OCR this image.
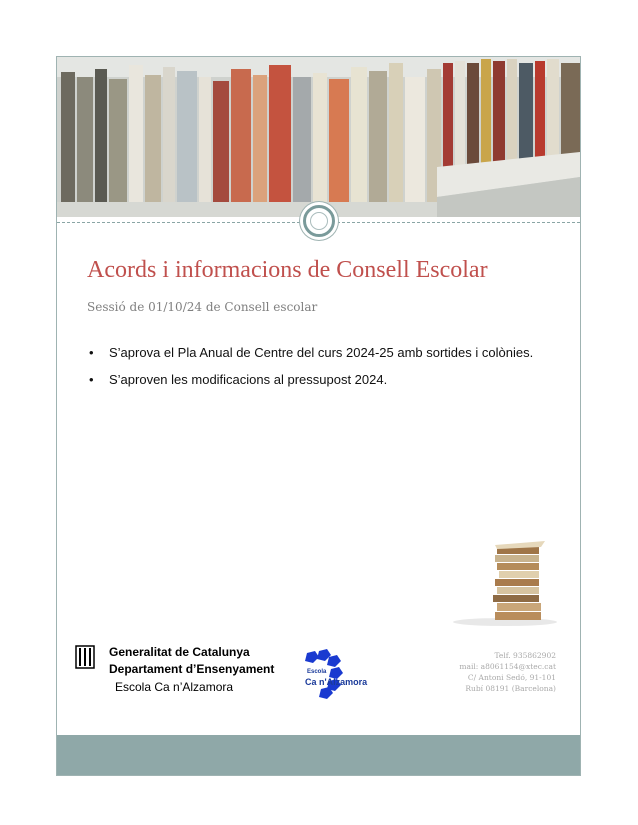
Acords i informacions de Consell Escolar
Sessió de 01/10/24 de Consell escolar
• S’aprova el Pla Anual de Centre del curs 2024-25 amb sortides i colònies.
• S’aproven les modificacions al pressupost 2024.
Generalitat de Catalunya
Departament d’Ensenyament
Escola Ca n’Alzamora
Escola
Ca n'Alzamora
Telf. 935862902
mail: a8061154@xtec.cat
C/ Antoni Sedó, 91-101
Rubí 08191 (Barcelona)
